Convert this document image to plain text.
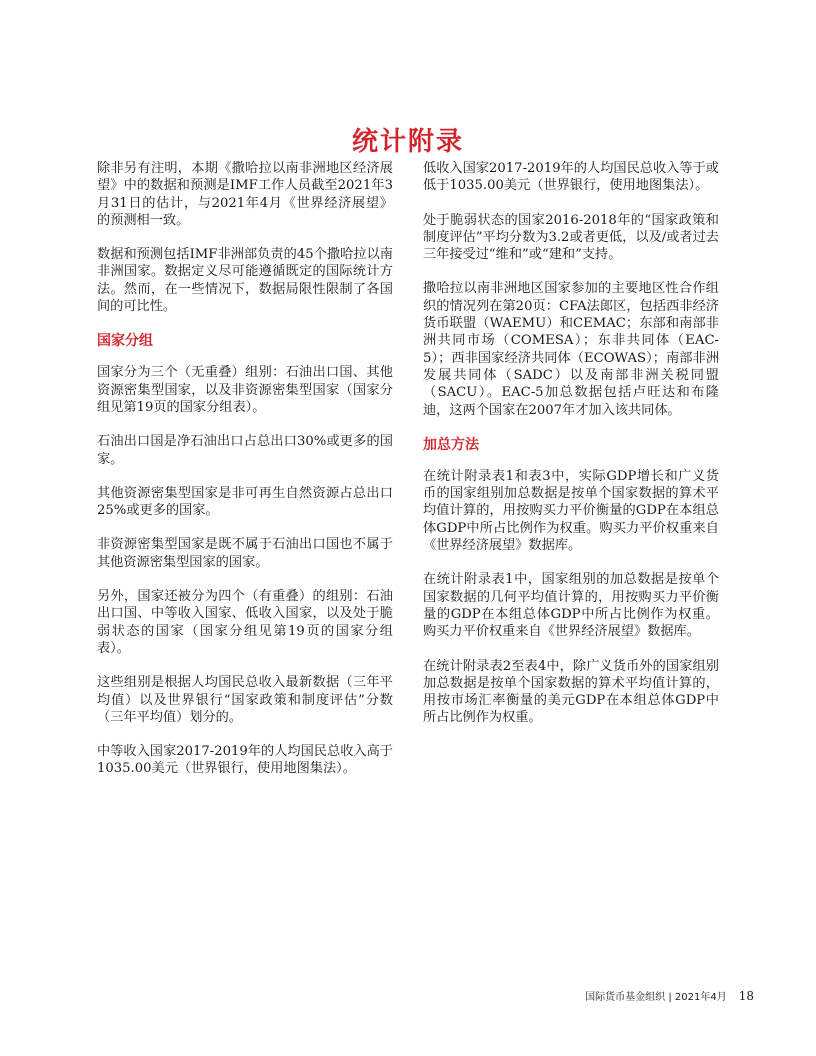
统计附录

除非另有注明，本期《撒哈拉以南非洲地区经济展望》中的数据和预测是IMF工作人员截至2021年3月31日的估计，与2021年4月《世界经济展望》的预测相一致。

数据和预测包括IMF非洲部负责的45个撒哈拉以南非洲国家。数据定义尽可能遵循既定的国际统计方法。然而，在一些情况下，数据局限性限制了各国间的可比性。

国家分组

国家分为三个（无重叠）组别：石油出口国、其他资源密集型国家，以及非资源密集型国家（国家分组见第19页的国家分组表）。

石油出口国是净石油出口占总出口30%或更多的国家。

其他资源密集型国家是非可再生自然资源占总出口25%或更多的国家。

非资源密集型国家是既不属于石油出口国也不属于其他资源密集型国家的国家。

另外，国家还被分为四个（有重叠）的组别：石油出口国、中等收入国家、低收入国家，以及处于脆弱状态的国家（国家分组见第19页的国家分组表）。

这些组别是根据人均国民总收入最新数据（三年平均值）以及世界银行“国家政策和制度评估”分数（三年平均值）划分的。

中等收入国家2017-2019年的人均国民总收入高于1035.00美元（世界银行，使用地图集法）。

低收入国家2017-2019年的人均国民总收入等于或低于1035.00美元（世界银行，使用地图集法）。

处于脆弱状态的国家2016-2018年的“国家政策和制度评估”平均分数为3.2或者更低，以及/或者过去三年接受过“维和”或“建和”支持。

撒哈拉以南非洲地区国家参加的主要地区性合作组织的情况列在第20页：CFA法郎区，包括西非经济货币联盟（WAEMU）和CEMAC；东部和南部非洲共同市场（COMESA）；东非共同体（EAC-5）；西非国家经济共同体（ECOWAS）；南部非洲发展共同体（SADC）以及南部非洲关税同盟（SACU）。EAC-5加总数据包括卢旺达和布隆迪，这两个国家在2007年才加入该共同体。

加总方法

在统计附录表1和表3中，实际GDP增长和广义货币的国家组别加总数据是按单个国家数据的算术平均值计算的，用按购买力平价衡量的GDP在本组总体GDP中所占比例作为权重。购买力平价权重来自《世界经济展望》数据库。

在统计附录表1中，国家组别的加总数据是按单个国家数据的几何平均值计算的，用按购买力平价衡量的GDP在本组总体GDP中所占比例作为权重。购买力平价权重来自《世界经济展望》数据库。

在统计附录表2至表4中，除广义货币外的国家组别加总数据是按单个国家数据的算术平均值计算的，用按市场汇率衡量的美元GDP在本组总体GDP中所占比例作为权重。

国际货币基金组织 | 2021年4月 18
